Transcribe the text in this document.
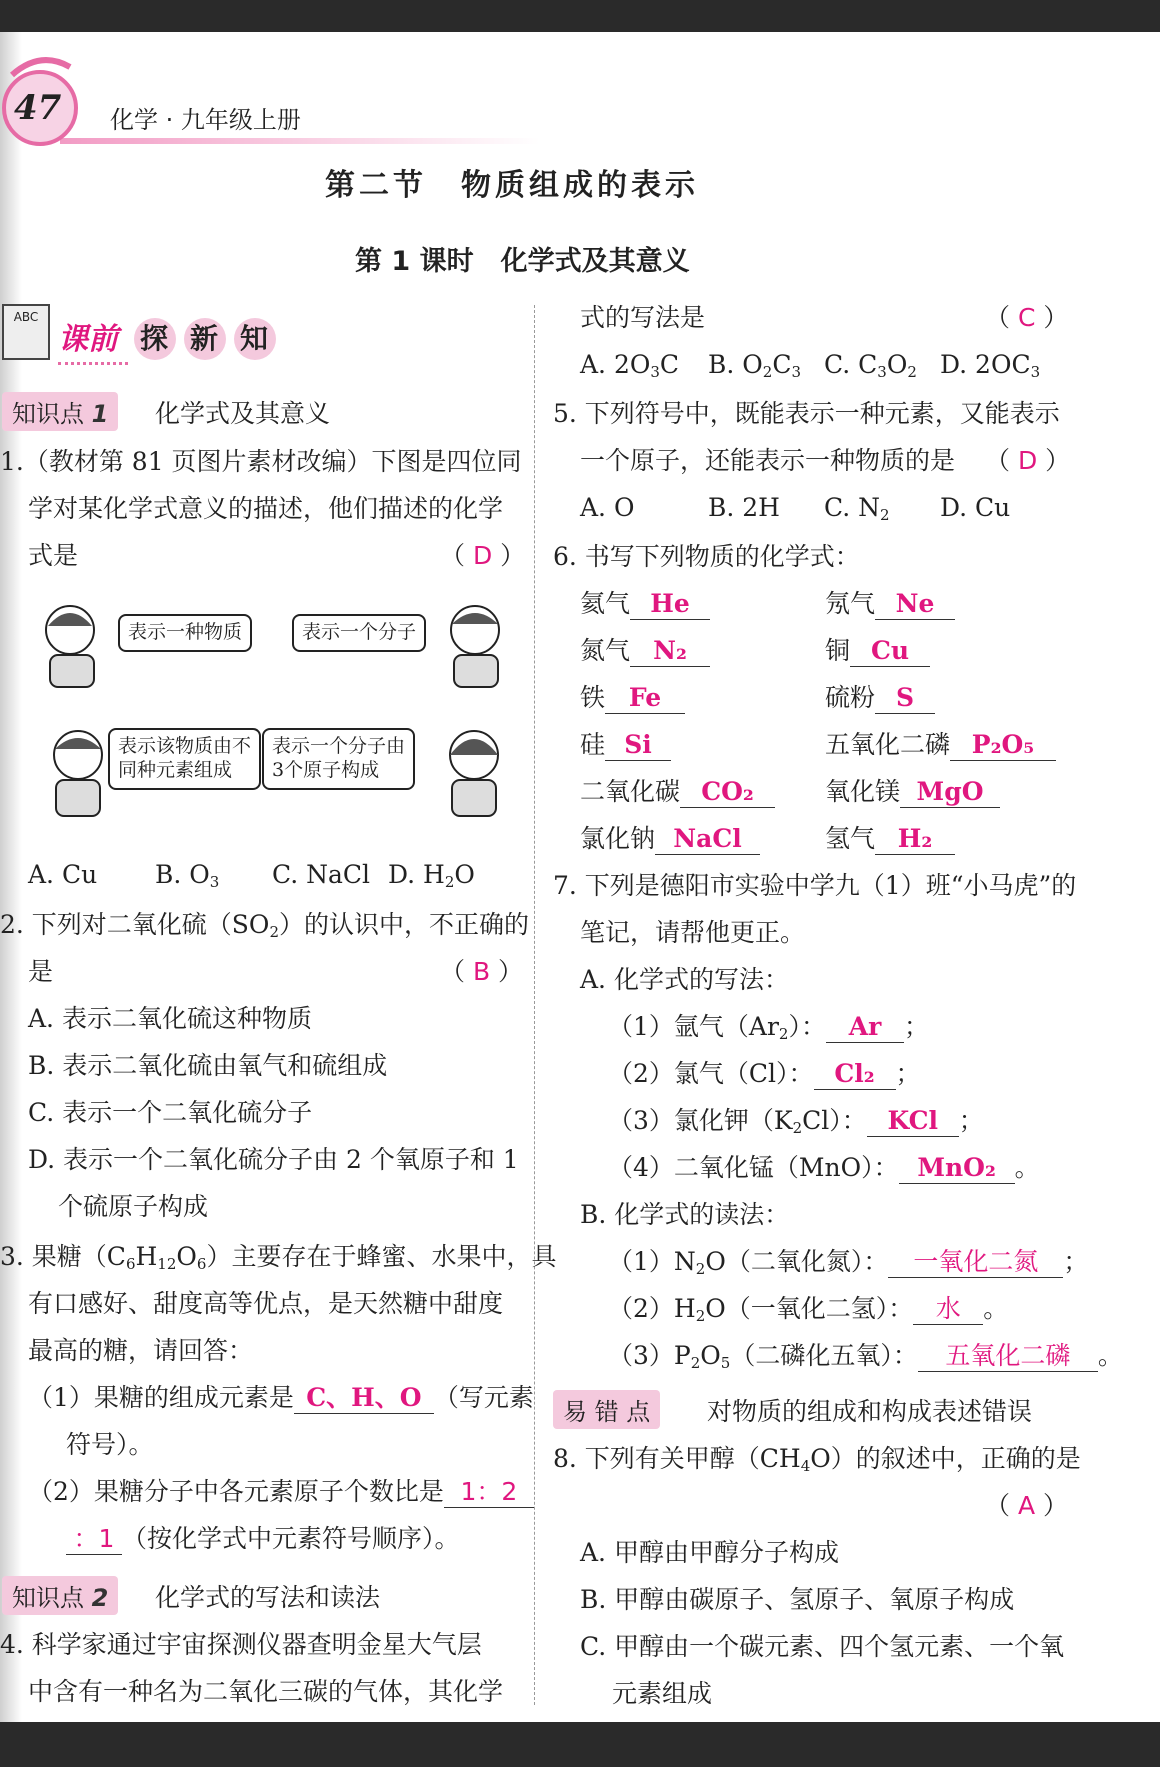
47 化学 · 九年级上册
第二节　物质组成的表示
第 1 课时　化学式及其意义
ABC
课前 探 新 知
知识点 1	化学式及其意义
1.（教材第 81 页图片素材改编）下图是四位同
学对某化学式意义的描述，他们描述的化学
式是	（ D ）
表示一种物质	表示一个分子
表示该物质由不
同种元素组成
表示一个分子由
3个原子构成
A. Cu B. $O_3$ C. NaCl D. $H_2O$
2. 下列对二氧化硫$(SO_2)$的认识中，不正确的
是	（ B ）
A. 表示二氧化硫这种物质
B. 表示二氧化硫由氧气和硫组成
C. 表示一个二氧化硫分子
D. 表示一个二氧化硫分子由 2 个氧原子和 1
个硫原子构成
3. 果糖$(C_6H_{12}O_6)$主要存在于蜂蜜、水果中，具
有口感好、甜度高等优点，是天然糖中甜度
最高的糖，请回答：
（1）果糖的组成元素是 C、H、O （写元素
符号）。
（2）果糖分子中各元素原子个数比是 1：2
：1 （按化学式中元素符号顺序）。
知识点 2	化学式的写法和读法
4. 科学家通过宇宙探测仪器查明金星大气层
中含有一种名为二氧化三碳的气体，其化学
式的写法是	（ C ）
A. $2O_3C$ B. $O_2C_3$ C. $C_3O_2$ D. $2OC_3$
5. 下列符号中，既能表示一种元素，又能表示
一个原子，还能表示一种物质的是 （ D ）
A. O	B. 2H C. $N_2$ D. Cu
6. 书写下列物质的化学式：
氦气 He	氖气 Ne
氮气 N₂	铜 Cu
铁 Fe	硫粉 S
硅 Si	五氧化二磷 P₂O₅
二氧化碳 CO₂	氧化镁 MgO
氯化钠 NaCl	氢气 H₂
7. 下列是德阳市实验中学九（1）班“小马虎”的
笔记，请帮他更正。
A. 化学式的写法：
（1）氩气$(Ar_2)$： Ar ；
（2）氯气（Cl）： Cl₂ ；
（3）氯化钾$(K_2Cl)$： KCl ；
（4）二氧化锰（MnO）： MnO₂ 。
B. 化学式的读法：
$(1)N_2O$（二氧化氮）： 一氧化二氮 ；
$(2)H_2O$（一氧化二氢）： 水 。
$(3)P_2O_5$（二磷化五氧）： 五氧化二磷 。
易 错 点	对物质的组成和构成表述错误
8. 下列有关甲醇$(CH_4O)$的叙述中，正确的是
（ A ）
A. 甲醇由甲醇分子构成
B. 甲醇由碳原子、氢原子、氧原子构成
C. 甲醇由一个碳元素、四个氢元素、一个氧
元素组成
